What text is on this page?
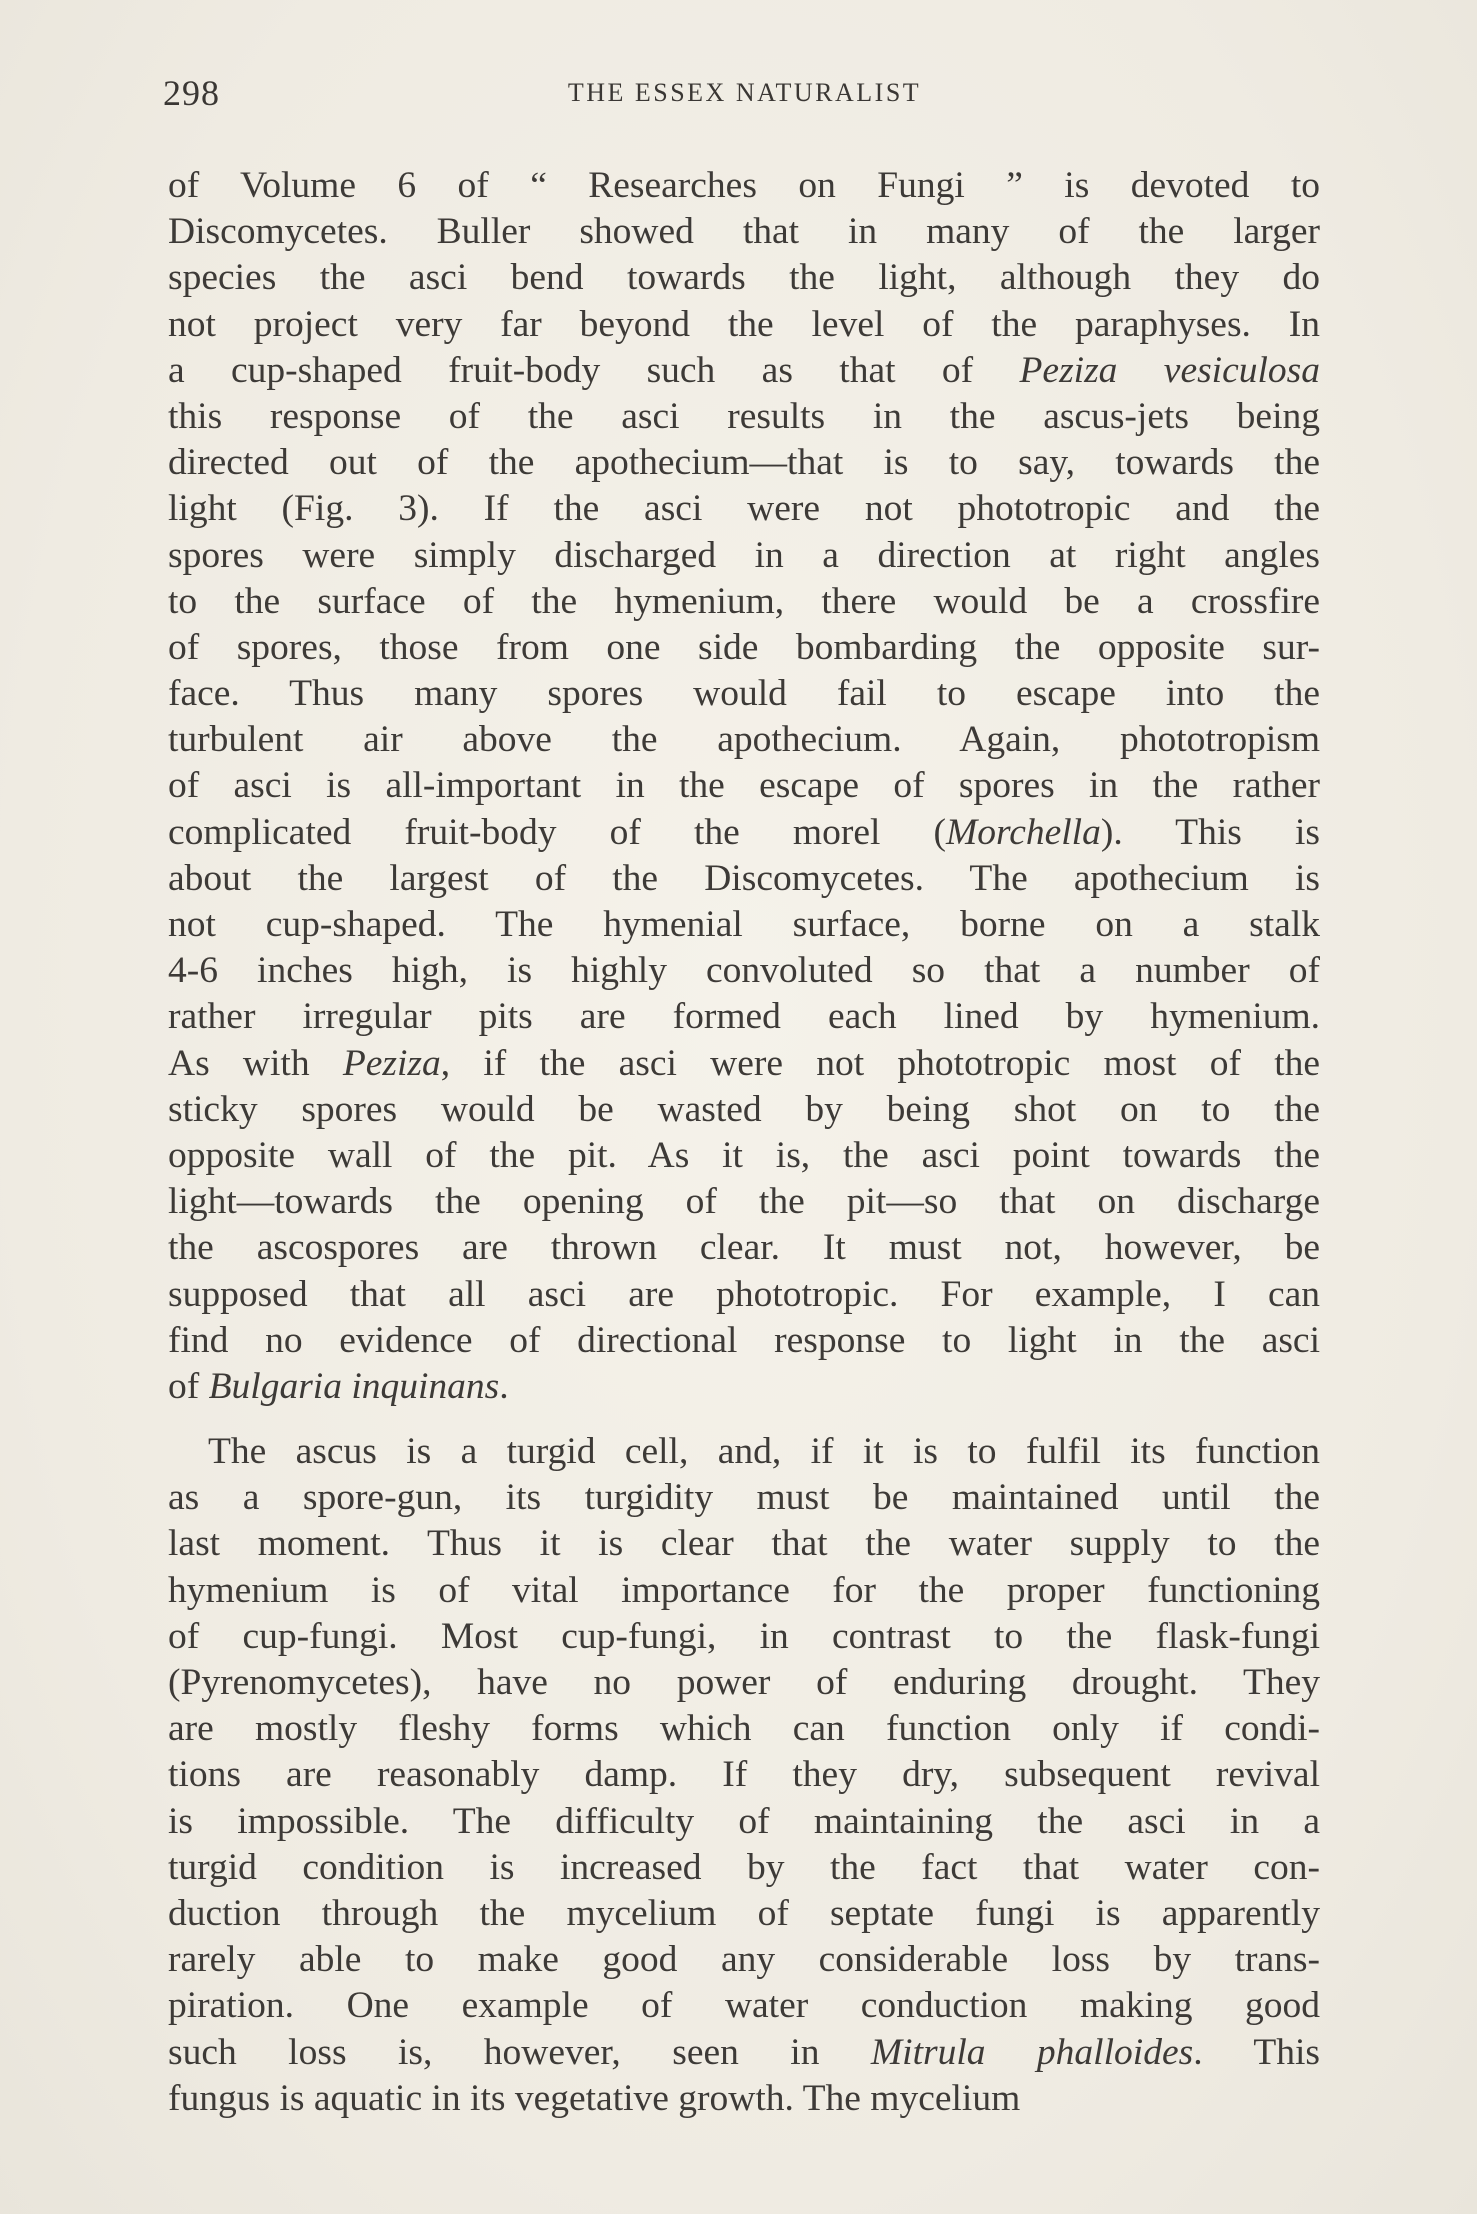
298	THE ESSEX NATURALIST
of Volume 6 of “ Researches on Fungi ” is devoted to
Discomycetes. Buller showed that in many of the larger
species the asci bend towards the light, although they do
not project very far beyond the level of the paraphyses. In
a cup-shaped fruit-body such as that of Peziza vesiculosa
this response of the asci results in the ascus-jets being
directed out of the apothecium—that is to say, towards the
light (Fig. 3). If the asci were not phototropic and the
spores were simply discharged in a direction at right angles
to the surface of the hymenium, there would be a crossfire
of spores, those from one side bombarding the opposite sur-
face. Thus many spores would fail to escape into the
turbulent air above the apothecium. Again, phototropism
of asci is all-important in the escape of spores in the rather
complicated fruit-body of the morel (Morchella). This is
about the largest of the Discomycetes. The apothecium is
not cup-shaped. The hymenial surface, borne on a stalk
4-6 inches high, is highly convoluted so that a number of
rather irregular pits are formed each lined by hymenium.
As with Peziza, if the asci were not phototropic most of the
sticky spores would be wasted by being shot on to the
opposite wall of the pit. As it is, the asci point towards the
light—towards the opening of the pit—so that on discharge
the ascospores are thrown clear. It must not, however, be
supposed that all asci are phototropic. For example, I can
find no evidence of directional response to light in the asci
of Bulgaria inquinans.
The ascus is a turgid cell, and, if it is to fulfil its function
as a spore-gun, its turgidity must be maintained until the
last moment. Thus it is clear that the water supply to the
hymenium is of vital importance for the proper functioning
of cup-fungi. Most cup-fungi, in contrast to the flask-fungi
(Pyrenomycetes), have no power of enduring drought. They
are mostly fleshy forms which can function only if condi-
tions are reasonably damp. If they dry, subsequent revival
is impossible. The difficulty of maintaining the asci in a
turgid condition is increased by the fact that water con-
duction through the mycelium of septate fungi is apparently
rarely able to make good any considerable loss by trans-
piration. One example of water conduction making good
such loss is, however, seen in Mitrula phalloides. This
fungus is aquatic in its vegetative growth. The mycelium
